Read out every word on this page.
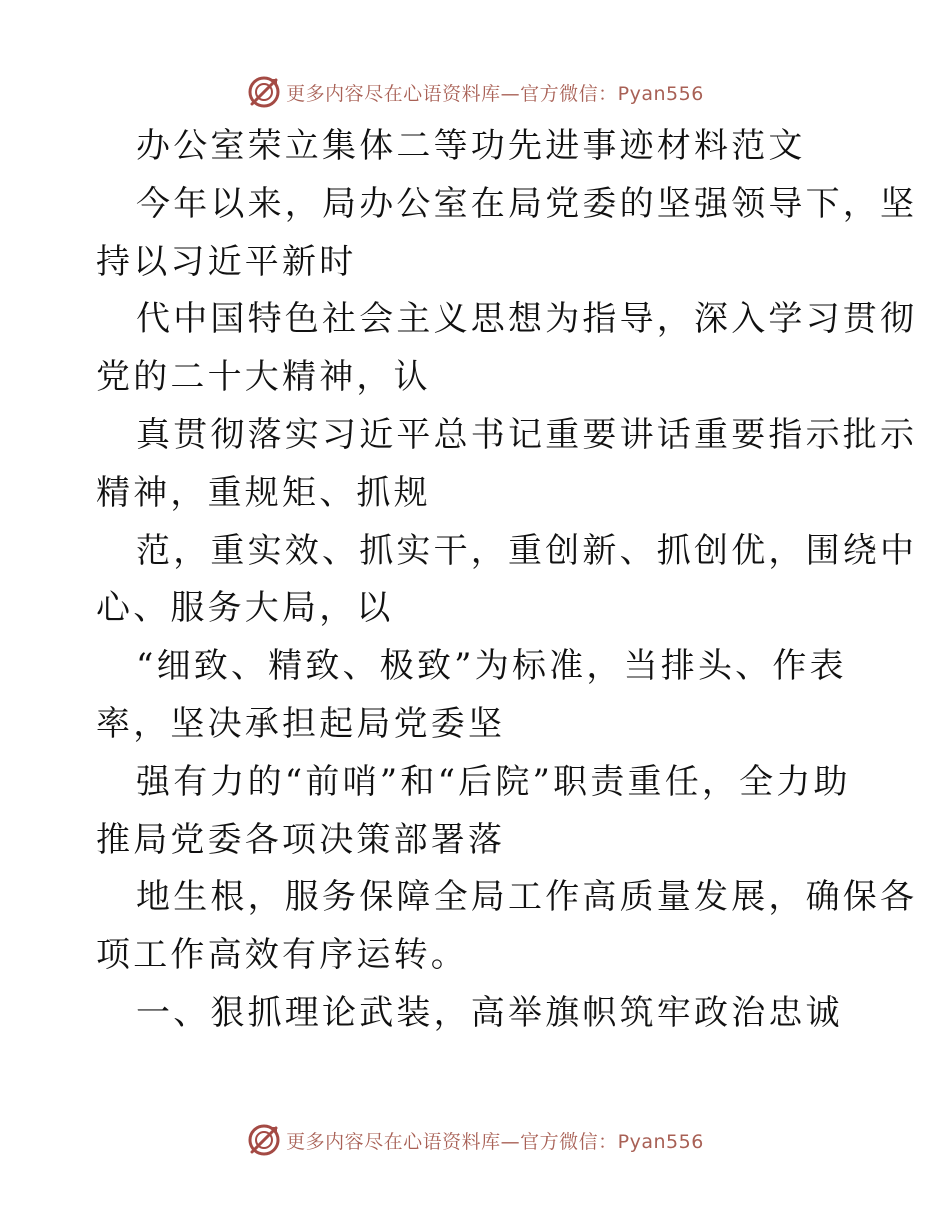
更多内容尽在心语资料库—官方微信：Pyan556
办公室荣立集体二等功先进事迹材料范文
今年以来，局办公室在局党委的坚强领导下，坚
持以习近平新时
代中国特色社会主义思想为指导，深入学习贯彻
党的二十大精神，认
真贯彻落实习近平总书记重要讲话重要指示批示
精神，重规矩、抓规
范，重实效、抓实干，重创新、抓创优，围绕中
心、服务大局，以
“细致、精致、极致”为标准，当排头、作表
率，坚决承担起局党委坚
强有力的“前哨”和“后院”职责重任，全力助
推局党委各项决策部署落
地生根，服务保障全局工作高质量发展，确保各
项工作高效有序运转。
一、狠抓理论武装，高举旗帜筑牢政治忠诚
更多内容尽在心语资料库—官方微信：Pyan556
